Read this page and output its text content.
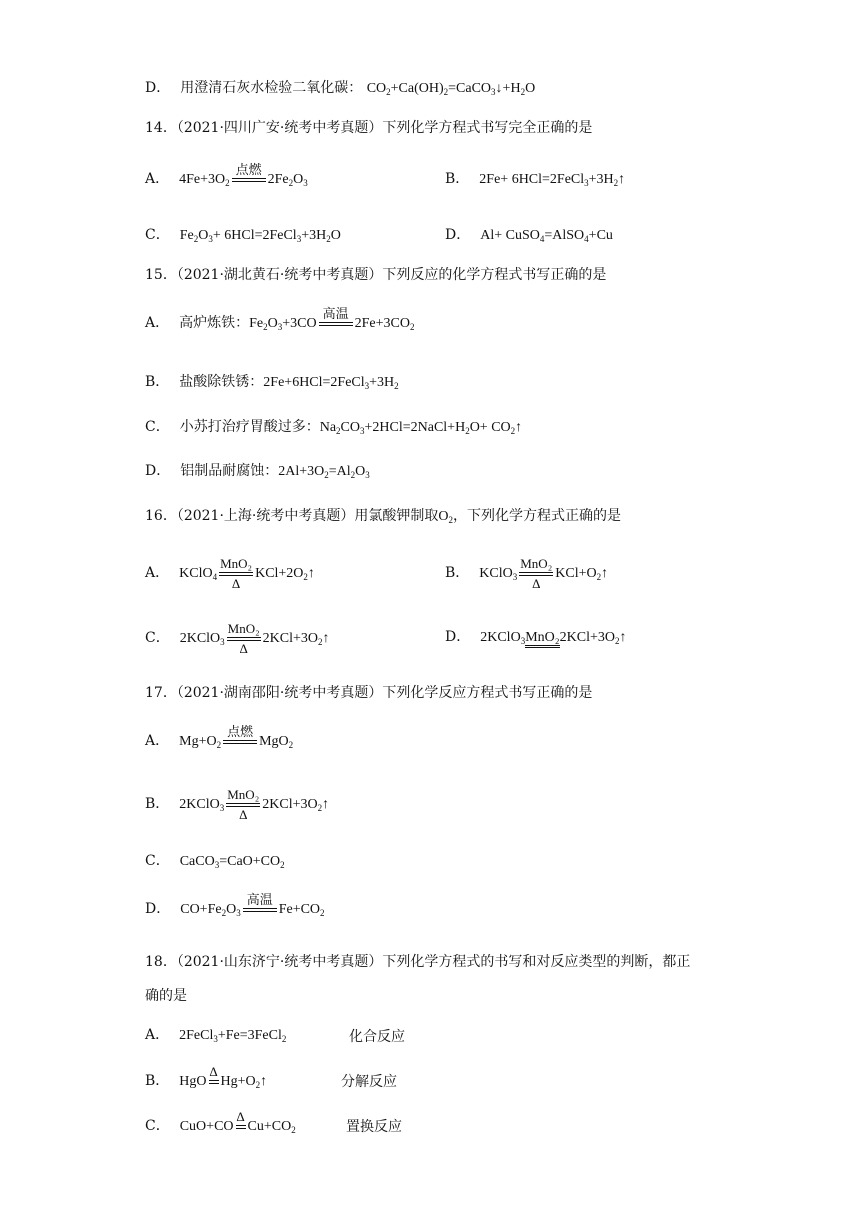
D． 用澄清石灰水检验二氧化碳： $CO_2+Ca(OH)_2=CaCO_3↓+H_2O$
14．（2021·四川广安·统考中考真题）下列化学方程式书写完全正确的是
A． $4Fe+3O_2$
点燃
$2Fe_2O_3$	B． $2Fe+ 6HCl=2FeCl_3+3H_2↑$
C． $Fe_2O_3+$ $6HCl=2FeCl_3+3H_2O$	D． Al+ CuSO$_4$=AlSO$_4$+Cu
15．（2021·湖北黄石·统考中考真题）下列反应的化学方程式书写正确的是
A． 高炉炼铁：$Fe_2O_3+3CO$
高温
$2Fe+3CO_2$
B． 盐酸除铁锈：$2Fe+6HCl=2FeCl_3+3H_2$
C． 小苏打治疗胃酸过多：$Na_2CO_3+2HCl=2NaCl+H_2O+$ $CO_2↑$
D． 铝制品耐腐蚀：$2Al+3O_2=Al_2O_3$
16．（2021·上海·统考中考真题）用氯酸钾制取$O_2$，下列化学方程式正确的是
A． KClO$_4$
MnO₂
Δ
$KCl+2O_2↑$	B． KClO$_3$
MnO₂
Δ
$KCl+O_2↑$
C． 2KClO$_3$
MnO₂
Δ
$2KCl+3O_2↑$	D． $2KClO_3MnO_22KCl+3O_2↑$
17．（2021·湖南邵阳·统考中考真题）下列化学反应方程式书写正确的是
A． $Mg+O_2$
点燃
MgO$_2$
B． 2KClO$_3$
MnO₂
Δ
$2KCl+3O_2↑$
C． $CaCO_3=CaO+CO_2$
D． $CO+Fe_2O_3$
高温
$Fe+CO_2$
18．（2021·山东济宁·统考中考真题）下列化学方程式的书写和对反应类型的判断，都正
确的是
A． 2FeCl$_3$+Fe=3FeCl$_2$	化合反应
B． HgO
Δ
$Hg+O_2↑$	分解反应
C． CuO+CO
Δ
$Cu+CO_2$	置换反应
